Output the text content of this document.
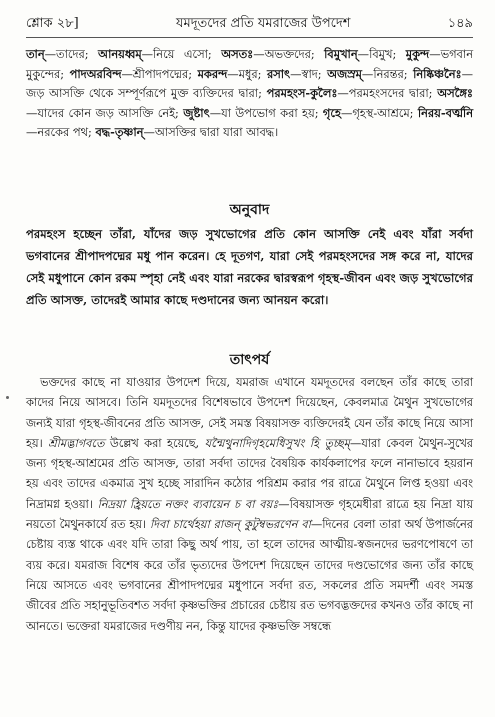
শ্লোক ২৮]	যমদূতদের প্রতি যমরাজের উপদেশ	১৪৯

তান্—তাদের; আনয়ধ্বম্—নিয়ে এসো; অসতঃ—অভক্তদের; বিমুখান্—বিমুখ; মুকুন্দ—ভগবান মুকুন্দের; পাদঅরবিন্দ—শ্রীপাদপদ্মের; মকরন্দ—মধুর; রসাৎ—স্বাদ; অজস্রম্—নিরন্তর; নিষ্কিঞ্চনৈঃ—জড় আসক্তি থেকে সম্পূর্ণরূপে মুক্ত ব্যক্তিদের দ্বারা; পরমহংস-কুলৈঃ—পরমহংসদের দ্বারা; অসঙ্গৈঃ—যাদের কোন জড় আসক্তি নেই; জুষ্টাৎ—যা উপভোগ করা হয়; গৃহে—গৃহস্থ-আশ্রমে; নিরয়-বর্ত্মনি—নরকের পথ; বদ্ধ-তৃষ্ণান্—আসক্তির দ্বারা যারা আবদ্ধ।

অনুবাদ

পরমহংস হচ্ছেন তাঁরা, যাঁদের জড় সুখভোগের প্রতি কোন আসক্তি নেই এবং যাঁরা সর্বদা ভগবানের শ্রীপাদপদ্মের মধু পান করেন। হে দূতগণ, যারা সেই পরমহংসদের সঙ্গ করে না, যাদের সেই মধুপানে কোন রকম স্পৃহা নেই এবং যারা নরকের দ্বারস্বরূপ গৃহস্থ-জীবন এবং জড় সুখভোগের প্রতি আসক্ত, তাদেরই আমার কাছে দণ্ডদানের জন্য আনয়ন করো।

তাৎপর্য

ভক্তদের কাছে না যাওয়ার উপদেশ দিয়ে, যমরাজ এখানে যমদূতদের বলছেন তাঁর কাছে তারা কাদের নিয়ে আসবে। তিনি যমদূতদের বিশেষভাবে উপদেশ দিয়েছেন, কেবলমাত্র মৈথুন সুখভোগের জন্যই যারা গৃহস্থ-জীবনের প্রতি আসক্ত, সেই সমস্ত বিষয়াসক্ত ব্যক্তিদেরই যেন তাঁর কাছে নিয়ে আসা হয়। শ্রীমদ্ভাগবতে উল্লেখ করা হয়েছে, যন্মৈথুনাদিগৃহমেধিসুখং হি তুচ্ছম্—যারা কেবল মৈথুন-সুখের জন্য গৃহস্থ-আশ্রমের প্রতি আসক্ত, তারা সর্বদা তাদের বৈষয়িক কার্যকলাপের ফলে নানাভাবে হয়রান হয় এবং তাদের একমাত্র সুখ হচ্ছে সারাদিন কঠোর পরিশ্রম করার পর রাত্রে মৈথুনে লিপ্ত হওয়া এবং নিদ্রামগ্ন হওয়া। নিদ্রয়া হ্রিয়তে নক্তং ব্যবায়েন চ বা বয়ঃ—বিষয়াসক্ত গৃহমেধীরা রাত্রে হয় নিদ্রা যায় নয়তো মৈথুনকার্যে রত হয়। দিবা চার্থেহয়া রাজন্ কুটুম্বভরণেন বা—দিনের বেলা তারা অর্থ উপার্জনের চেষ্টায় ব্যস্ত থাকে এবং যদি তারা কিছু অর্থ পায়, তা হলে তাদের আত্মীয়-স্বজনদের ভরণপোষণে তা ব্যয় করে। যমরাজ বিশেষ করে তাঁর ভৃত্যদের উপদেশ দিয়েছেন তাদের দণ্ডভোগের জন্য তাঁর কাছে নিয়ে আসতে এবং ভগবানের শ্রীপাদপদ্মের মধুপানে সর্বদা রত, সকলের প্রতি সমদর্শী এবং সমস্ত জীবের প্রতি সহানুভূতিবশত সর্বদা কৃষ্ণভক্তির প্রচারের চেষ্টায় রত ভগবদ্ভক্তদের কখনও তাঁর কাছে না আনতে। ভক্তেরা যমরাজের দণ্ডণীয় নন, কিন্তু যাদের কৃষ্ণভক্তি সম্বন্ধে
